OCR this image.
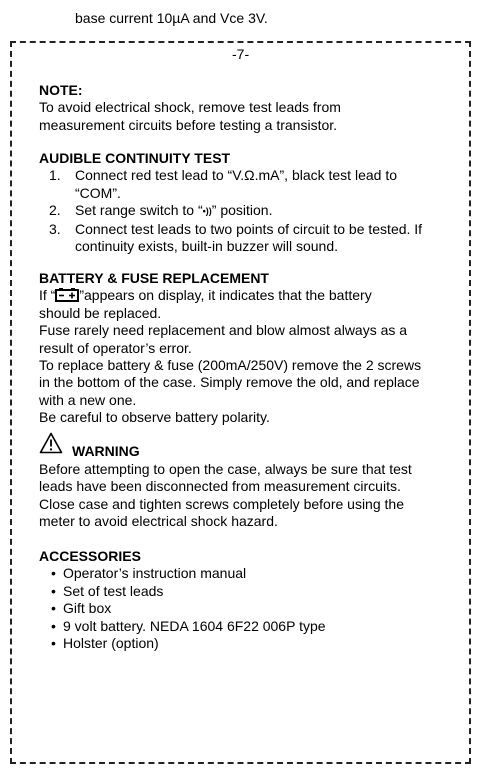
base current 10µA and Vce 3V.
-7-
NOTE:
To avoid electrical shock, remove test leads from
measurement circuits before testing a transistor.
AUDIBLE CONTINUITY TEST
1. Connect red test lead to “V.Ω.mA”, black test lead to
“COM”.
2. Set range switch to “•))” position.
3. Connect test leads to two points of circuit to be tested. If
continuity exists, built-in buzzer will sound.
BATTERY & FUSE REPLACEMENT
If “ ”appears on display, it indicates that the battery
should be replaced.
Fuse rarely need replacement and blow almost always as a
result of operator’s error.
To replace battery & fuse (200mA/250V) remove the 2 screws
in the bottom of the case. Simply remove the old, and replace
with a new one.
Be careful to observe battery polarity.
WARNING
Before attempting to open the case, always be sure that test
leads have been disconnected from measurement circuits.
Close case and tighten screws completely before using the
meter to avoid electrical shock hazard.
ACCESSORIES
• Operator’s instruction manual
• Set of test leads
• Gift box
• 9 volt battery. NEDA 1604 6F22 006P type
• Holster (option)
